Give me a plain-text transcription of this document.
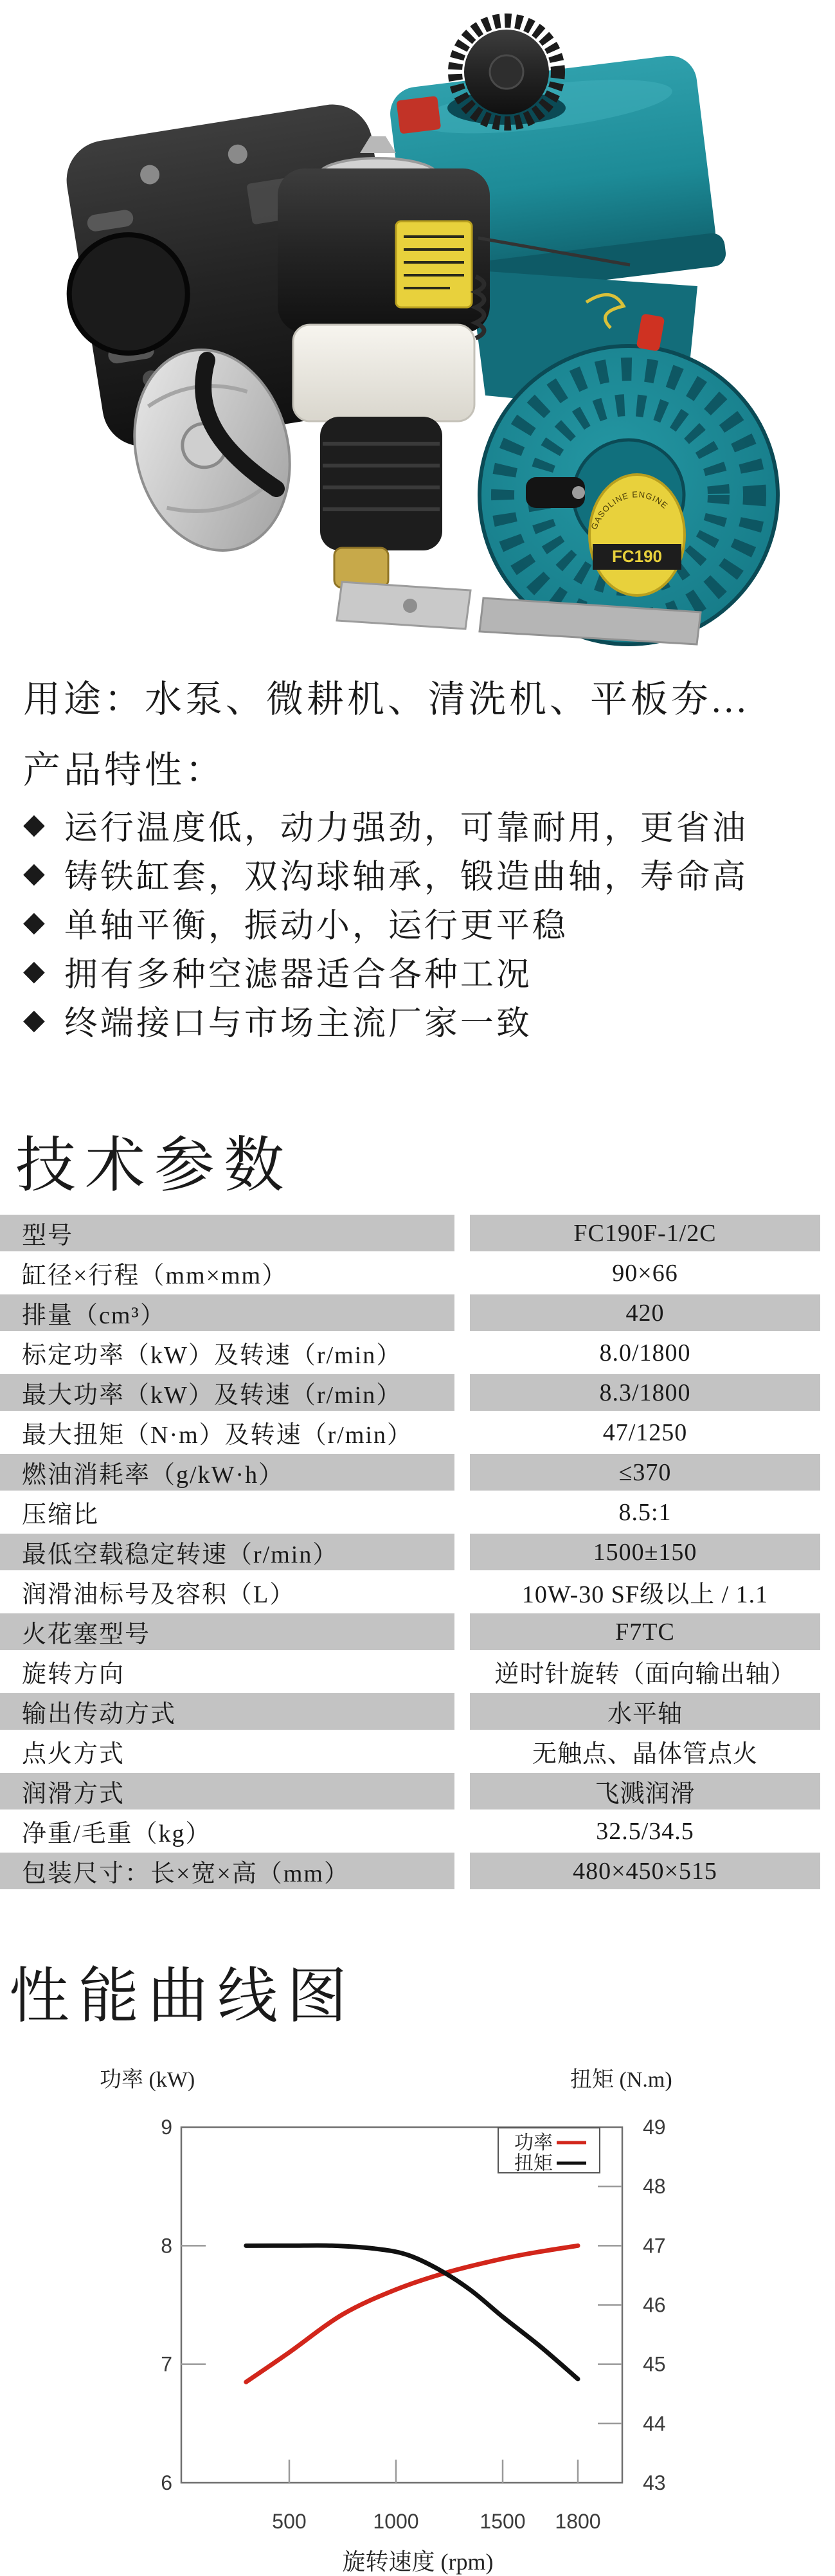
GASOLINE ENGINE
FC190
用途：水泵、微耕机、清洗机、平板夯...
产品特性：
◆ 运行温度低，动力强劲，可靠耐用，更省油
◆ 铸铁缸套，双沟球轴承，锻造曲轴，寿命高
◆ 单轴平衡，振动小，运行更平稳
◆ 拥有多种空滤器适合各种工况
◆ 终端接口与市场主流厂家一致
技术参数
型号	FC190F-1/2C
缸径×行程（mm×mm）	90×66
排量（cm³）	420
标定功率（kW）及转速（r/min）	8.0/1800
最大功率（kW）及转速（r/min）	8.3/1800
最大扭矩（N·m）及转速（r/min）	47/1250
燃油消耗率（g/kW·h）	≤370
压缩比	8.5:1
最低空载稳定转速（r/min）	1500±150
润滑油标号及容积（L）	10W-30 SF级以上 / 1.1
火花塞型号	F7TC
旋转方向	逆时针旋转（面向输出轴）
输出传动方式	水平轴
点火方式	无触点、晶体管点火
润滑方式	飞溅润滑
净重/毛重（kg）	32.5/34.5
包装尺寸：长×宽×高（mm）	480×450×515
性能曲线图
功率 (kW)	扭矩 (N.m)
9
8
7
6
49
48
47
46
45
44
43
500	1000	1500 1800
旋转速度 (rpm)
功率
扭矩
